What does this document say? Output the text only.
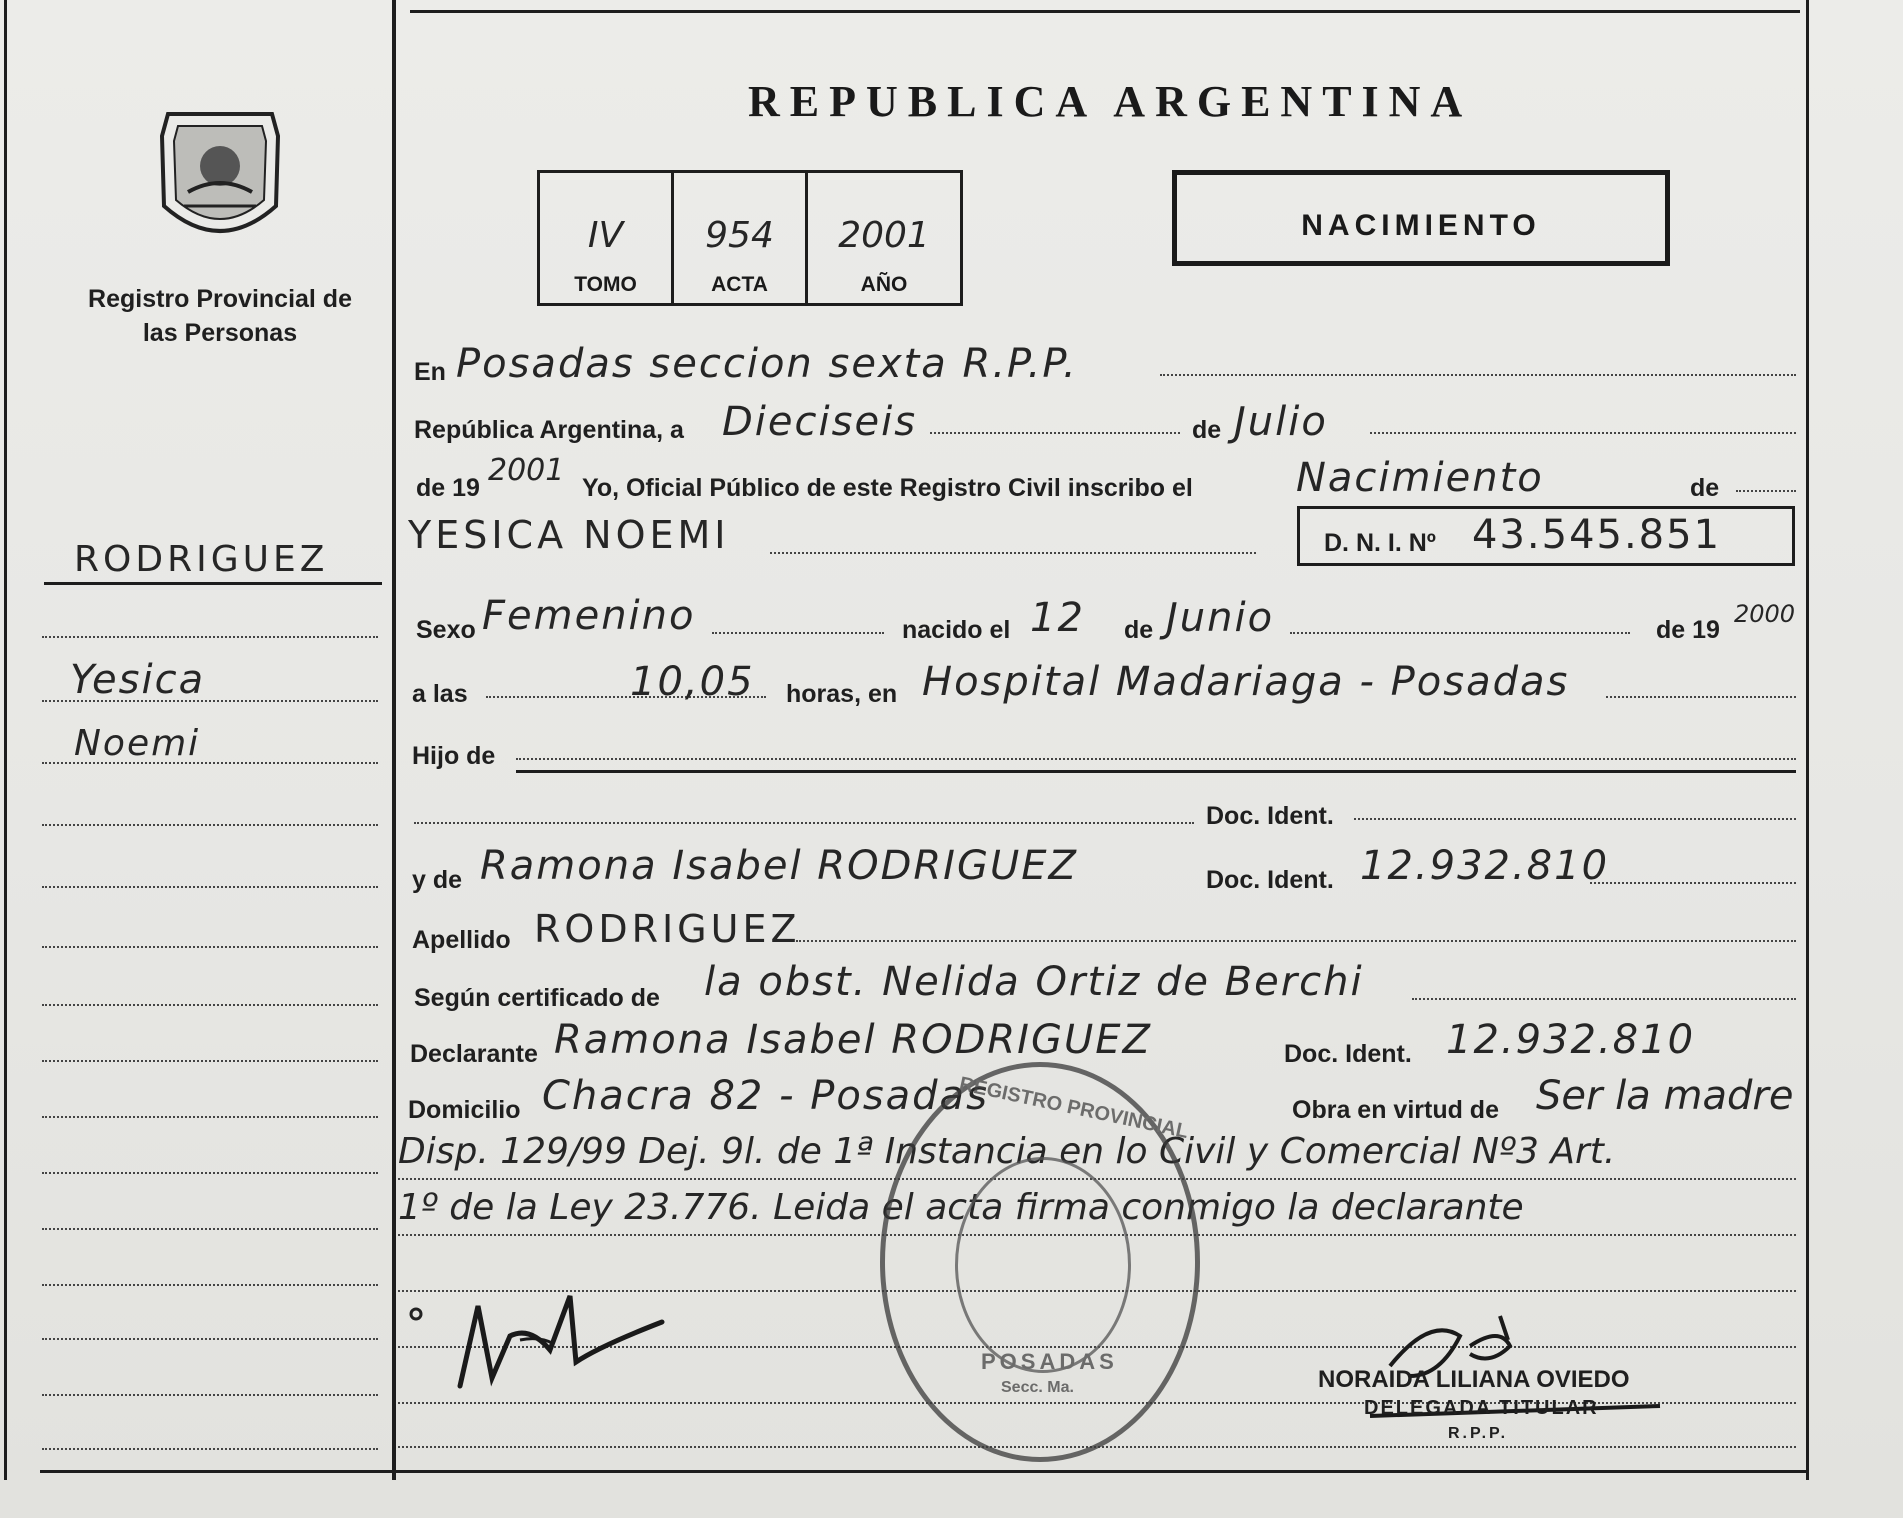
Registro Provincial de las Personas
REPUBLICA ARGENTINA
IV
TOMO
954
ACTA
2001
AÑO
NACIMIENTO
RODRIGUEZ
Yesica
Noemi
En Posadas seccion sexta R.P.P.
República Argentina, a Dieciseis	de Julio
de 19 2001 Yo, Oficial Público de este Registro Civil inscribo el	Nacimiento	de
YESICA NOEMI	D. N. I. Nº 43.545.851
Sexo Femenino	nacido el 12 de Junio	de 19
2000
a las	10,05 horas, en Hospital Madariaga - Posadas
Hijo de
Doc. Ident.
y de Ramona Isabel RODRIGUEZ	Doc. Ident. 12.932.810
Apellido RODRIGUEZ
Según certificado de la obst. Nelida Ortiz de Berchi
Declarante Ramona Isabel RODRIGUEZ	Doc. Ident. 12.932.810
Domicilio Chacra 82 - Posadas	Obra en virtud de Ser la madre
Disp. 129/99 Dej. 9l. de 1ª Instancia en lo Civil y Comercial Nº3 Art.
1º de la Ley 23.776. Leida el acta firma conmigo la declarante
REGISTRO PROVINCIAL
POSADAS
Secc. Ma.	NORAIDA LILIANA OVIEDO
DELEGADA TITULAR
R.P.P.
